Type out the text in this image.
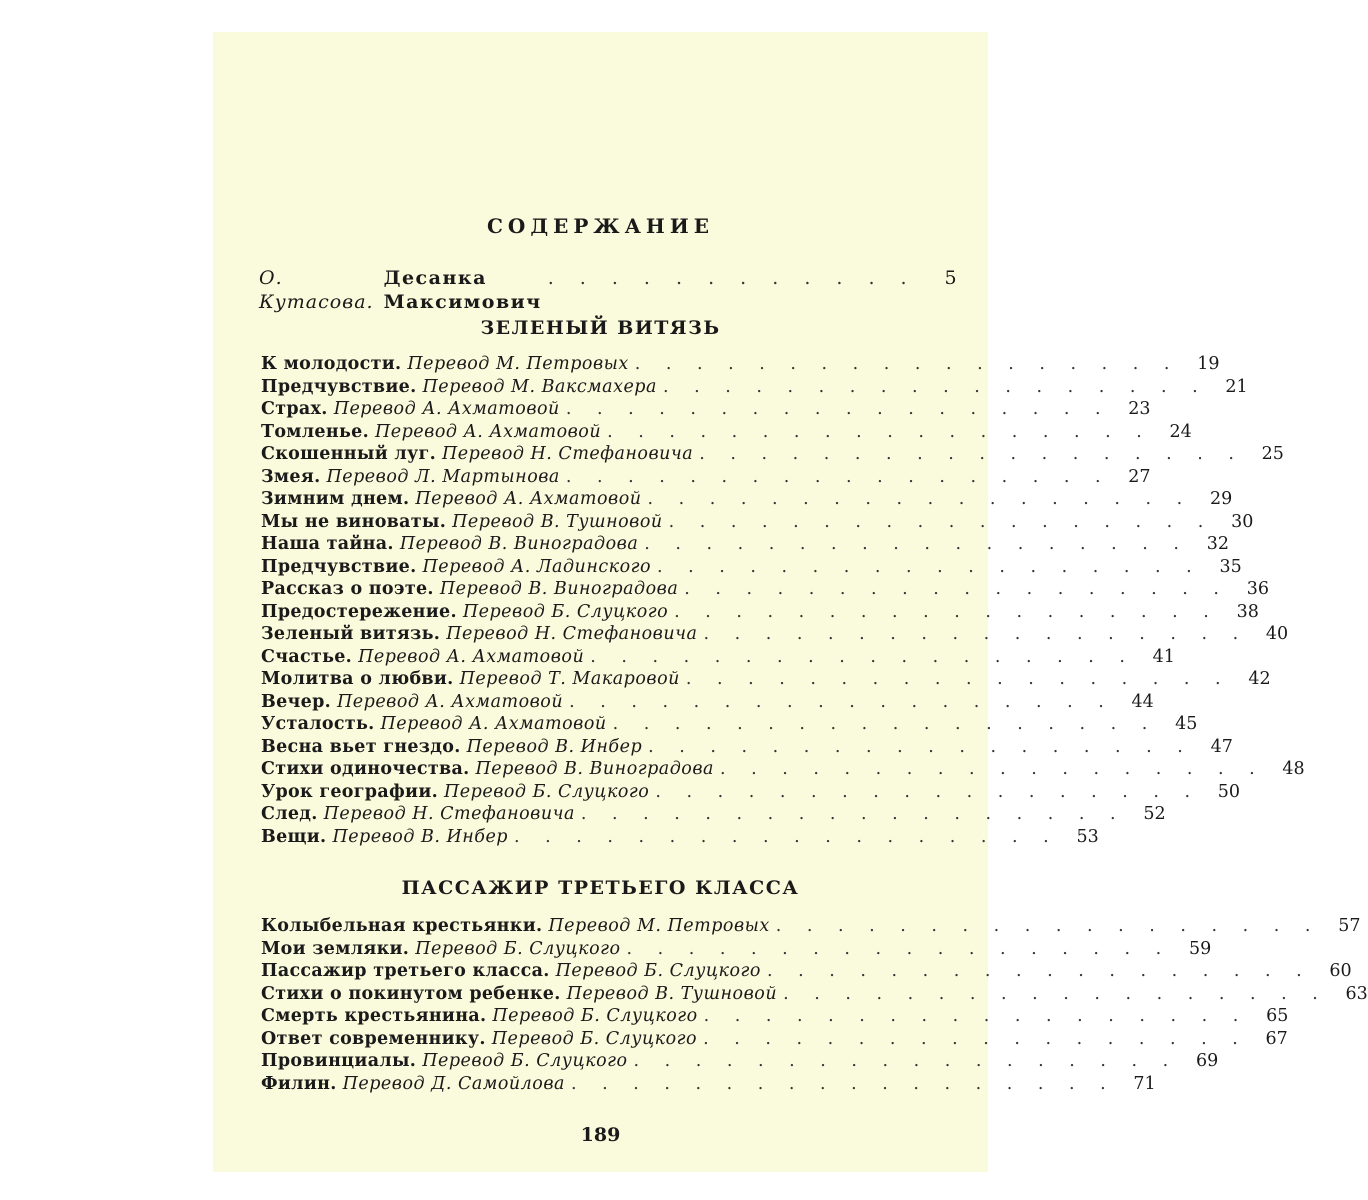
СОДЕРЖАНИЕ
О. Кутасова.
Десанка Максимович
. . . . . . . . . . . .	5
ЗЕЛЕНЫЙ ВИТЯЗЬ
К молодости. Перевод М. Петровых . . . . . . . . . . . . . . . . . .	19
Предчувствие. Перевод М. Ваксмахера . . . . . . . . . . . . . . . . . .	21
Страх. Перевод А. Ахматовой . . . . . . . . . . . . . . . . . .	23
Томленье. Перевод А. Ахматовой . . . . . . . . . . . . . . . . . .	24
Скошенный луг. Перевод Н. Стефановича . . . . . . . . . . . . . . . . . .	25
Змея. Перевод Л. Мартынова . . . . . . . . . . . . . . . . . .	27
Зимним днем. Перевод А. Ахматовой . . . . . . . . . . . . . . . . . .	29
Мы не виноваты. Перевод В. Тушновой . . . . . . . . . . . . . . . . . .	30
Наша тайна. Перевод В. Виноградова . . . . . . . . . . . . . . . . . .	32
Предчувствие. Перевод А. Ладинского . . . . . . . . . . . . . . . . . .	35
Рассказ о поэте. Перевод В. Виноградова . . . . . . . . . . . . . . . . . .	36
Предостережение. Перевод Б. Слуцкого . . . . . . . . . . . . . . . . . .	38
Зеленый витязь. Перевод Н. Стефановича . . . . . . . . . . . . . . . . . .	40
Счастье. Перевод А. Ахматовой . . . . . . . . . . . . . . . . . .	41
Молитва о любви. Перевод Т. Макаровой . . . . . . . . . . . . . . . . . .	42
Вечер. Перевод А. Ахматовой . . . . . . . . . . . . . . . . . .	44
Усталость. Перевод А. Ахматовой . . . . . . . . . . . . . . . . . .	45
Весна вьет гнездо. Перевод В. Инбер . . . . . . . . . . . . . . . . . .	47
Стихи одиночества. Перевод В. Виноградова . . . . . . . . . . . . . . . . . .	48
Урок географии. Перевод Б. Слуцкого . . . . . . . . . . . . . . . . . .	50
След. Перевод Н. Стефановича . . . . . . . . . . . . . . . . . .	52
Вещи. Перевод В. Инбер . . . . . . . . . . . . . . . . . .	53
ПАССАЖИР ТРЕТЬЕГО КЛАССА
Колыбельная крестьянки. Перевод М. Петровых . . . . . . . . . . . . . . . . . .	57
Мои земляки. Перевод Б. Слуцкого . . . . . . . . . . . . . . . . . .	59
Пассажир третьего класса. Перевод Б. Слуцкого . . . . . . . . . . . . . . . . . .	60
Стихи о покинутом ребенке. Перевод В. Тушновой . . . . . . . . . . . . . . . . . .	63
Смерть крестьянина. Перевод Б. Слуцкого . . . . . . . . . . . . . . . . . .	65
Ответ современнику. Перевод Б. Слуцкого . . . . . . . . . . . . . . . . . .	67
Провинциалы. Перевод Б. Слуцкого . . . . . . . . . . . . . . . . . .	69
Филин. Перевод Д. Самойлова . . . . . . . . . . . . . . . . . .	71

189
